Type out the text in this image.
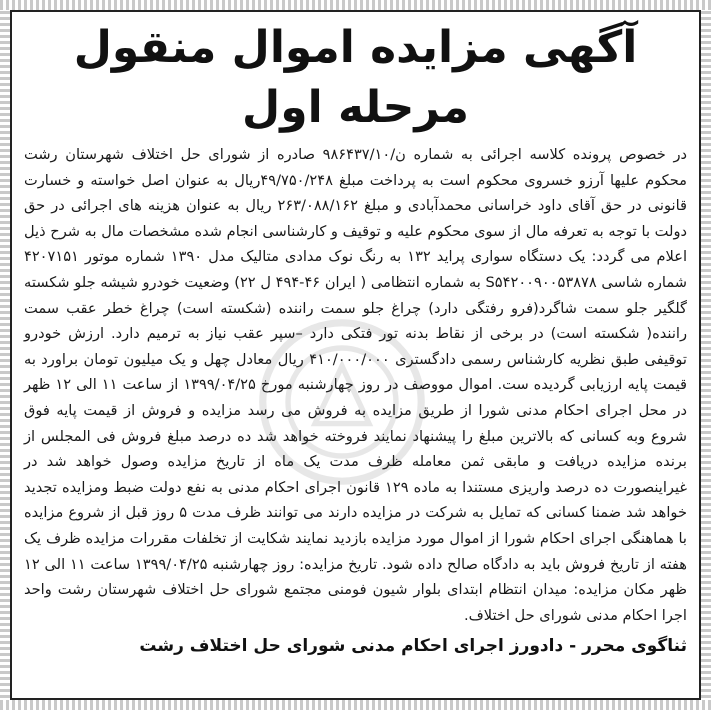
آگهی مزایده اموال منقول مرحله اول

در خصوص پرونده کلاسه اجرائی به شماره ن/۹۸۶۴۳۷/۱۰ صادره از شورای حل اختلاف شهرستان رشت محکوم علیها آرزو خسروی محکوم است به پرداخت مبلغ ۴۹/۷۵۰/۲۴۸ریال به عنوان اصل خواسته و خسارت قانونی در حق آقای داود خراسانی محمدآبادی و مبلغ ۲۶۳/۰۸۸/۱۶۲ ریال به عنوان هزینه های اجرائی در حق دولت با توجه به تعرفه مال از سوی محکوم علیه و توقیف و کارشناسی انجام شده مشخصات مال به شرح ذیل اعلام می گردد: یک دستگاه سواری پراید ۱۳۲ به رنگ نوک مدادی متالیک مدل ۱۳۹۰ شماره موتور ۴۲۰۷۱۵۱ شماره شاسی S۵۴۲۰۰۹۰۰۵۳۸۷۸ به شماره انتظامی ( ایران ۴۶-۴۹۴ ل ۲۲) وضعیت خودرو شیشه جلو شکسته گلگیر جلو سمت شاگرد(فرو رفتگی دارد) چراغ جلو سمت راننده (شکسته است) چراغ خطر عقب سمت راننده( شکسته است) در برخی از نقاط بدنه تور فتکی دارد –سپر عقب نیاز به ترمیم دارد. ارزش خودرو توقیفی طبق نظریه کارشناس رسمی دادگستری ۴۱۰/۰۰۰/۰۰۰ ریال معادل چهل و یک میلیون تومان براورد به قیمت پایه ارزیابی گردیده ست. اموال مووصف در روز چهارشنبه مورخ ۱۳۹۹/۰۴/۲۵ از ساعت ۱۱ الی ۱۲ ظهر در محل اجرای احکام مدنی شورا از طریق مزایده به فروش می رسد مزایده و فروش از قیمت پایه فوق شروع وبه کسانی که بالاترین مبلغ را پیشنهاد نمایند فروخته خواهد شد ده درصد مبلغ فروش فی المجلس از برنده مزایده دریافت و مابقی ثمن معامله ظرف مدت یک ماه از تاریخ مزایده وصول خواهد شد در غیراینصورت ده درصد واریزی مستندا به ماده ۱۲۹ قانون اجرای احکام مدنی به نفع دولت ضبط ومزایده تجدید خواهد شد ضمنا کسانی که تمایل به شرکت در مزایده دارند می توانند ظرف مدت ۵ روز قبل از شروع مزایده با هماهنگی اجرای احکام شورا از اموال مورد مزایده بازدید نمایند شکایت از تخلفات مقررات مزایده ظرف یک هفته از تاریخ فروش باید به دادگاه صالح داده شود. تاریخ مزایده: روز چهارشنبه ۱۳۹۹/۰۴/۲۵ ساعت ۱۱ الی ۱۲ ظهر مکان مزایده: میدان انتظام ابتدای بلوار شیون فومنی مجتمع شورای حل اختلاف شهرستان رشت واحد اجرا احکام مدنی شورای حل اختلاف.

ثناگوی محرر - دادورز اجرای احکام مدنی شورای حل اختلاف رشت
